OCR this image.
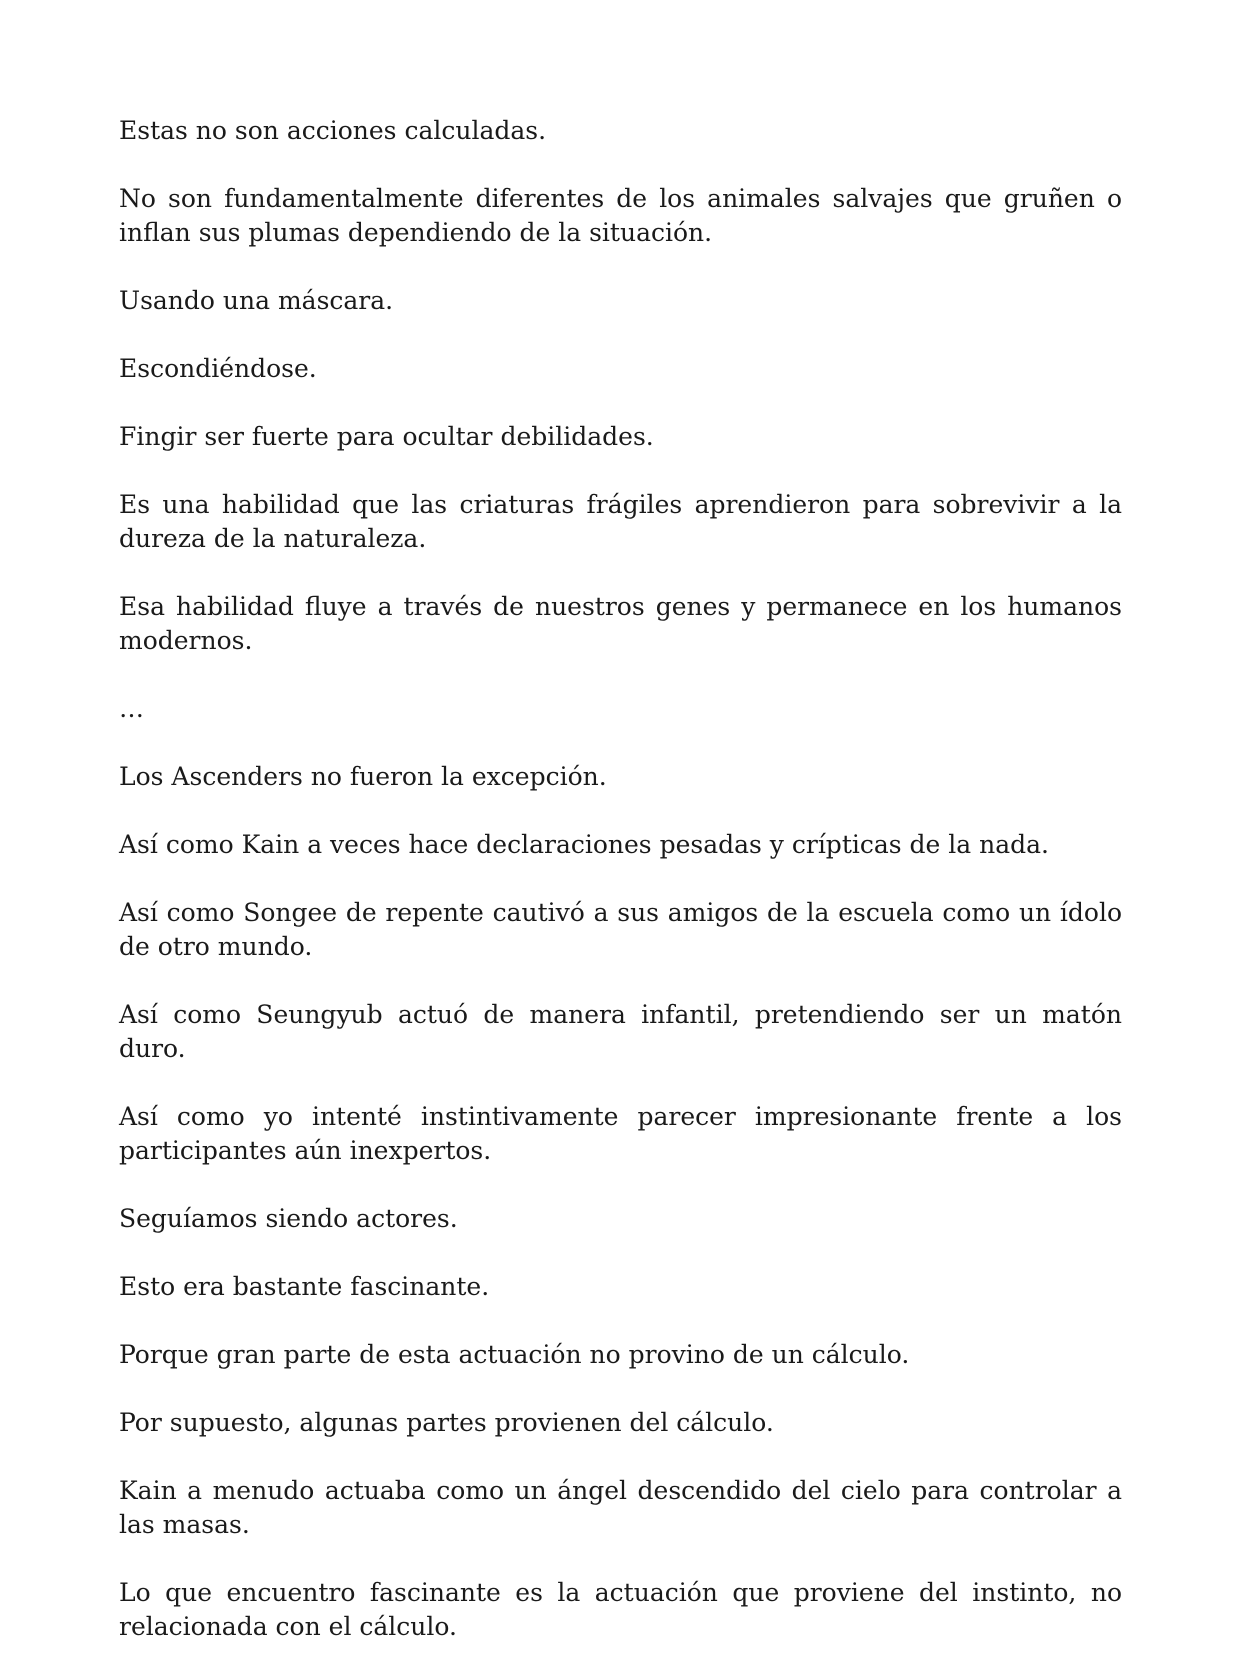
Estas no son acciones calculadas.

No son fundamentalmente diferentes de los animales salvajes que gruñen o inflan sus plumas dependiendo de la situación.

Usando una máscara.

Escondiéndose.

Fingir ser fuerte para ocultar debilidades.

Es una habilidad que las criaturas frágiles aprendieron para sobrevivir a la dureza de la naturaleza.

Esa habilidad fluye a través de nuestros genes y permanece en los humanos modernos.

…

Los Ascenders no fueron la excepción.

Así como Kain a veces hace declaraciones pesadas y crípticas de la nada.

Así como Songee de repente cautivó a sus amigos de la escuela como un ídolo de otro mundo.

Así como Seungyub actuó de manera infantil, pretendiendo ser un matón duro.

Así como yo intenté instintivamente parecer impresionante frente a los participantes aún inexpertos.

Seguíamos siendo actores.

Esto era bastante fascinante.

Porque gran parte de esta actuación no provino de un cálculo.

Por supuesto, algunas partes provienen del cálculo.

Kain a menudo actuaba como un ángel descendido del cielo para controlar a las masas.

Lo que encuentro fascinante es la actuación que proviene del instinto, no relacionada con el cálculo.
